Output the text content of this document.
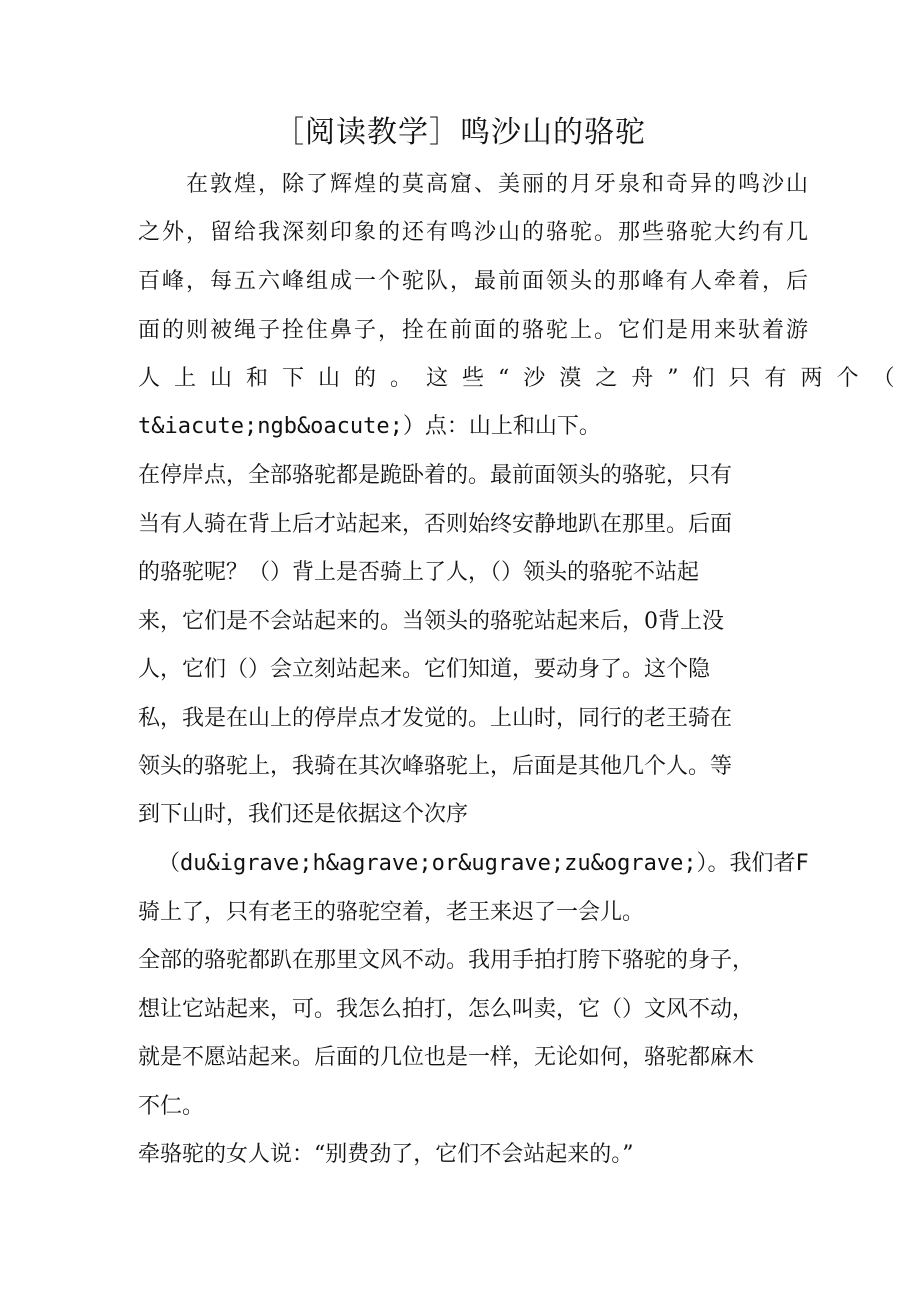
［阅读教学］鸣沙山的骆驼
在敦煌，除了辉煌的莫高窟、美丽的月牙泉和奇异的鸣沙山
之外，留给我深刻印象的还有鸣沙山的骆驼。那些骆驼大约有几
百峰，每五六峰组成一个驼队，最前面领头的那峰有人牵着，后
面的则被绳子拴住鼻子，拴在前面的骆驼上。它们是用来驮着游
人上山和下山的。这些“沙漠之舟”们只有两个（
t&iacute;ngb&oacute;）点：山上和山下。
在停岸点，全部骆驼都是跪卧着的。最前面领头的骆驼，只有
当有人骑在背上后才站起来，否则始终安静地趴在那里。后面
的骆驼呢？（）背上是否骑上了人，（）领头的骆驼不站起
来，它们是不会站起来的。当领头的骆驼站起来后，0背上没
人，它们（）会立刻站起来。它们知道，要动身了。这个隐
私，我是在山上的停岸点才发觉的。上山时，同行的老王骑在
领头的骆驼上，我骑在其次峰骆驼上，后面是其他几个人。等
到下山时，我们还是依据这个次序
（du&igrave;h&agrave;or&ugrave;zu&ograve;）。我们者F
骑上了，只有老王的骆驼空着，老王来迟了一会儿。
全部的骆驼都趴在那里文风不动。我用手拍打胯下骆驼的身子，
想让它站起来，可。我怎么拍打，怎么叫卖，它（）文风不动，
就是不愿站起来。后面的几位也是一样，无论如何，骆驼都麻木
不仁。
牵骆驼的女人说：“别费劲了，它们不会站起来的。”
